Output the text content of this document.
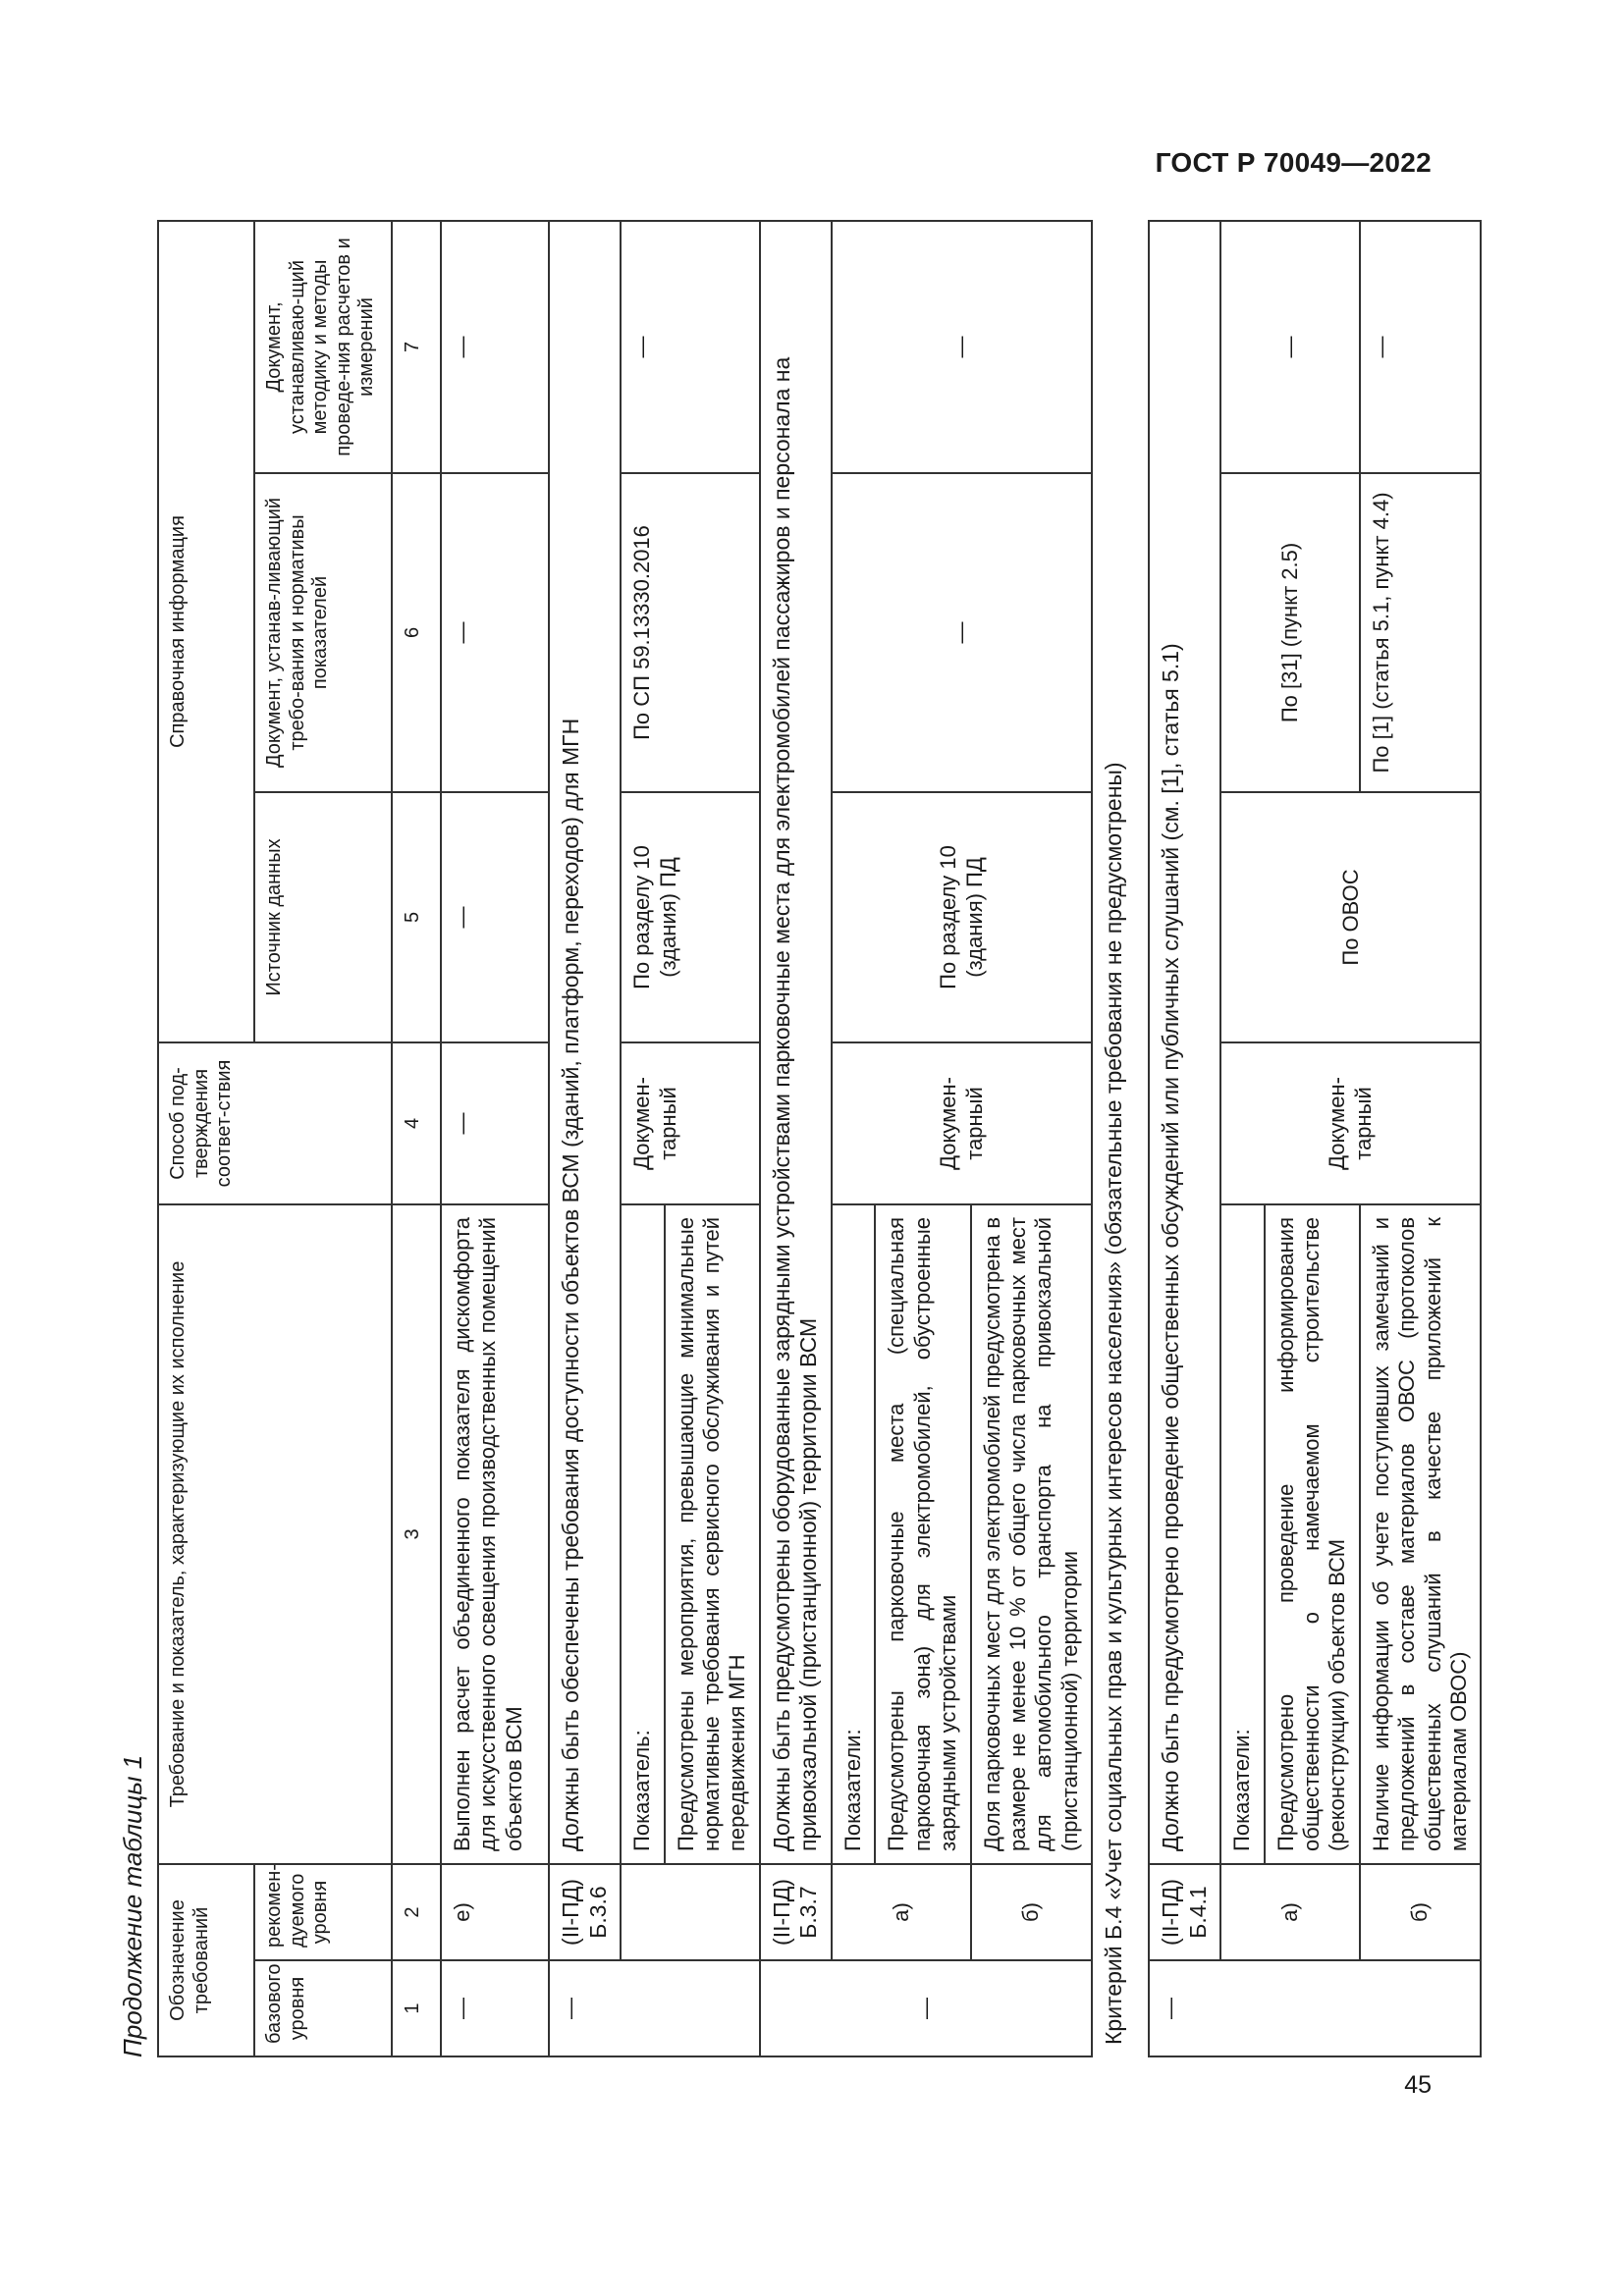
ГОСТ Р 70049—2022
45
Продолжение таблицы 1	Обозначение требований		Требование и показатель, характеризующие их исполнение	Способ под-тверждения соответ-ствия	Справочная информация		
базового уровня	рекомен-дуемого уровня			Источник данных	Документ, устанав-ливающий требо-вания и нормативы показателей	Документ, устанавливаю-щий методику и методы проведе-ния расчетов и измерений
1	2	3	4	5	6	7
—	е)	Выполнен расчет объединенного показателя дискомфорта для искусственного освещения производственных помещений объектов ВСМ	—	—	—	—
—	(II-ПД) Б.3.6	Должны быть обеспечены требования доступности объектов ВСМ (зданий, платформ, переходов) для МГН				
		Показатель:	Докумен-тарный	По разделу 10 (здания) ПД	По СП 59.13330.2016	—
		Предусмотрены мероприятия, превышающие минимальные нормативные требования сервисного обслуживания и путей передвижения МГН				
—	(II-ПД) Б.3.7	Должны быть предусмотрены оборудованные зарядными устройствами парковочные места для электромобилей пассажиров и персонала на привокзальной (пристанционной) территории ВСМ				
	а)	Показатели:	Докумен-тарный	По разделу 10 (здания) ПД	—	—
		Предусмотрены парковочные места (специальная парковочная зона) для электромобилей, обустроенные зарядными устройствами				
	б)	Доля парковочных мест для электромобилей предусмотрена в размере не менее 10 % от общего числа парковочных мест для автомобильного транспорта на привокзальной (пристанционной) территории				
Критерий Б.4 «Учет социальных прав и культурных интересов населения» (обязательные требования не предусмотрены)						
—	(II-ПД) Б.4.1	Должно быть предусмотрено проведение общественных обсуждений или публичных слушаний (см. [1], статья 5.1)				
	а)	Показатели:	Докумен-тарный	По ОВОС	По [31] (пункт 2.5)	—
		Предусмотрено проведение информирования общественности о намечаемом строительстве (реконструкции) объектов ВСМ				
	б)	Наличие информации об учете поступивших замечаний и предложений в составе материалов ОВОС (протоколов общественных слушаний в качестве приложений к материалам ОВОС)			По [1] (статья 5.1, пункт 4.4)	—
